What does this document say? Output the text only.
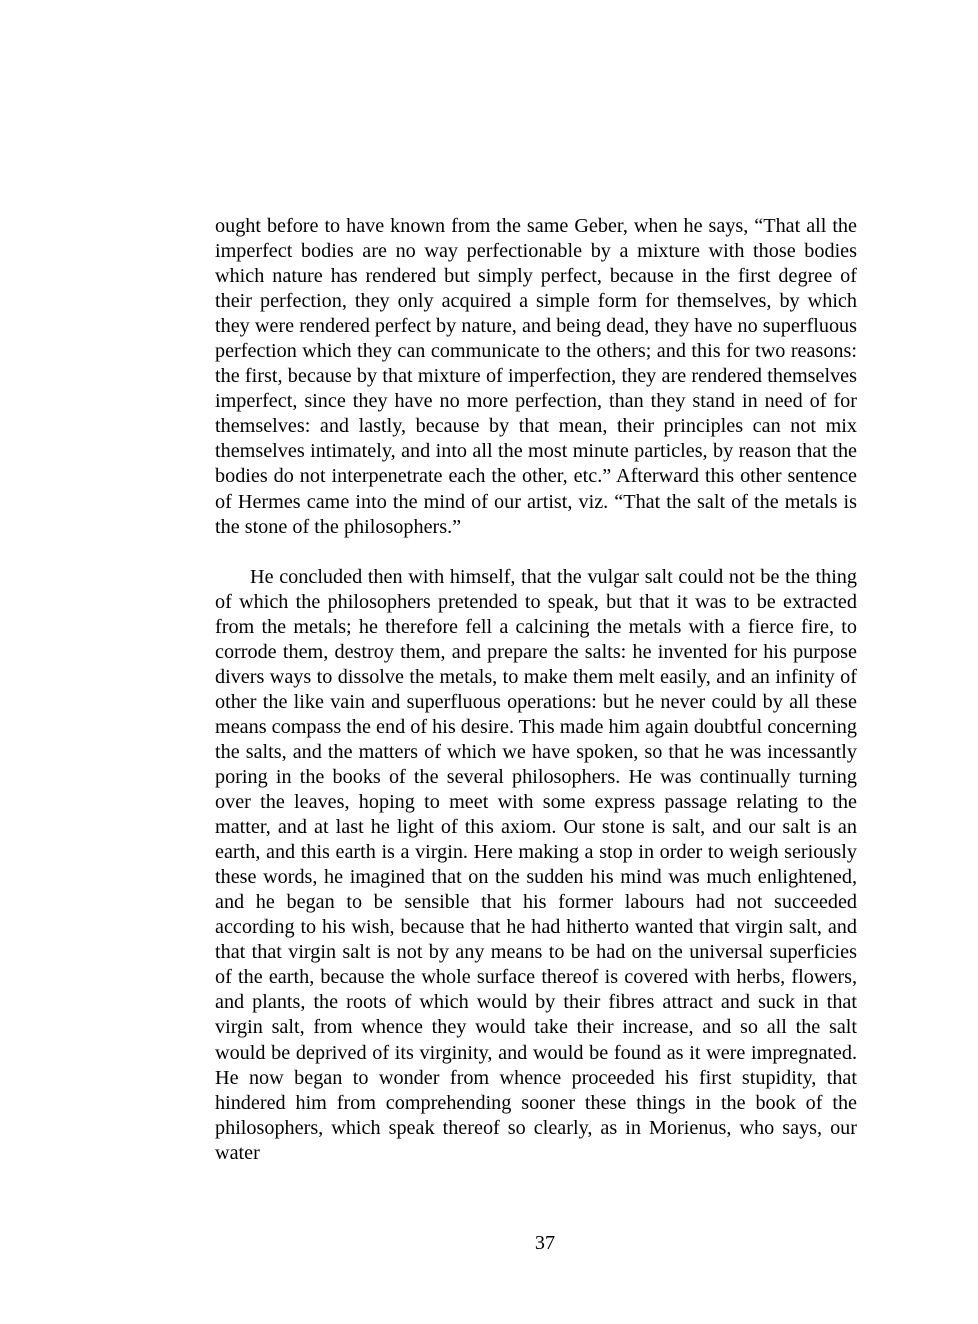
ought before to have known from the same Geber, when he says, “That all the imperfect bodies are no way perfectionable by a mixture with those bodies which nature has rendered but simply perfect, because in the first degree of their perfection, they only acquired a simple form for themselves, by which they were rendered perfect by nature, and being dead, they have no superfluous perfection which they can communicate to the others; and this for two reasons: the first, because by that mixture of imperfection, they are rendered themselves imperfect, since they have no more perfection, than they stand in need of for themselves: and lastly, because by that mean, their principles can not mix themselves intimately, and into all the most minute particles, by reason that the bodies do not interpenetrate each the other, etc.” Afterward this other sentence of Hermes came into the mind of our artist, viz. “That the salt of the metals is the stone of the philosophers.”

He concluded then with himself, that the vulgar salt could not be the thing of which the philosophers pretended to speak, but that it was to be extracted from the metals; he therefore fell a calcining the metals with a fierce fire, to corrode them, destroy them, and prepare the salts: he invented for his purpose divers ways to dissolve the metals, to make them melt easily, and an infinity of other the like vain and superfluous operations: but he never could by all these means compass the end of his desire. This made him again doubtful concerning the salts, and the matters of which we have spoken, so that he was incessantly poring in the books of the several philosophers. He was continually turning over the leaves, hoping to meet with some express passage relating to the matter, and at last he light of this axiom. Our stone is salt, and our salt is an earth, and this earth is a virgin. Here making a stop in order to weigh seriously these words, he imagined that on the sudden his mind was much enlightened, and he began to be sensible that his former labours had not succeeded according to his wish, because that he had hitherto wanted that virgin salt, and that that virgin salt is not by any means to be had on the universal superficies of the earth, because the whole surface thereof is covered with herbs, flowers, and plants, the roots of which would by their fibres attract and suck in that virgin salt, from whence they would take their increase, and so all the salt would be deprived of its virginity, and would be found as it were impregnated. He now began to wonder from whence proceeded his first stupidity, that hindered him from comprehending sooner these things in the book of the philosophers, which speak thereof so clearly, as in Morienus, who says, our water

37
